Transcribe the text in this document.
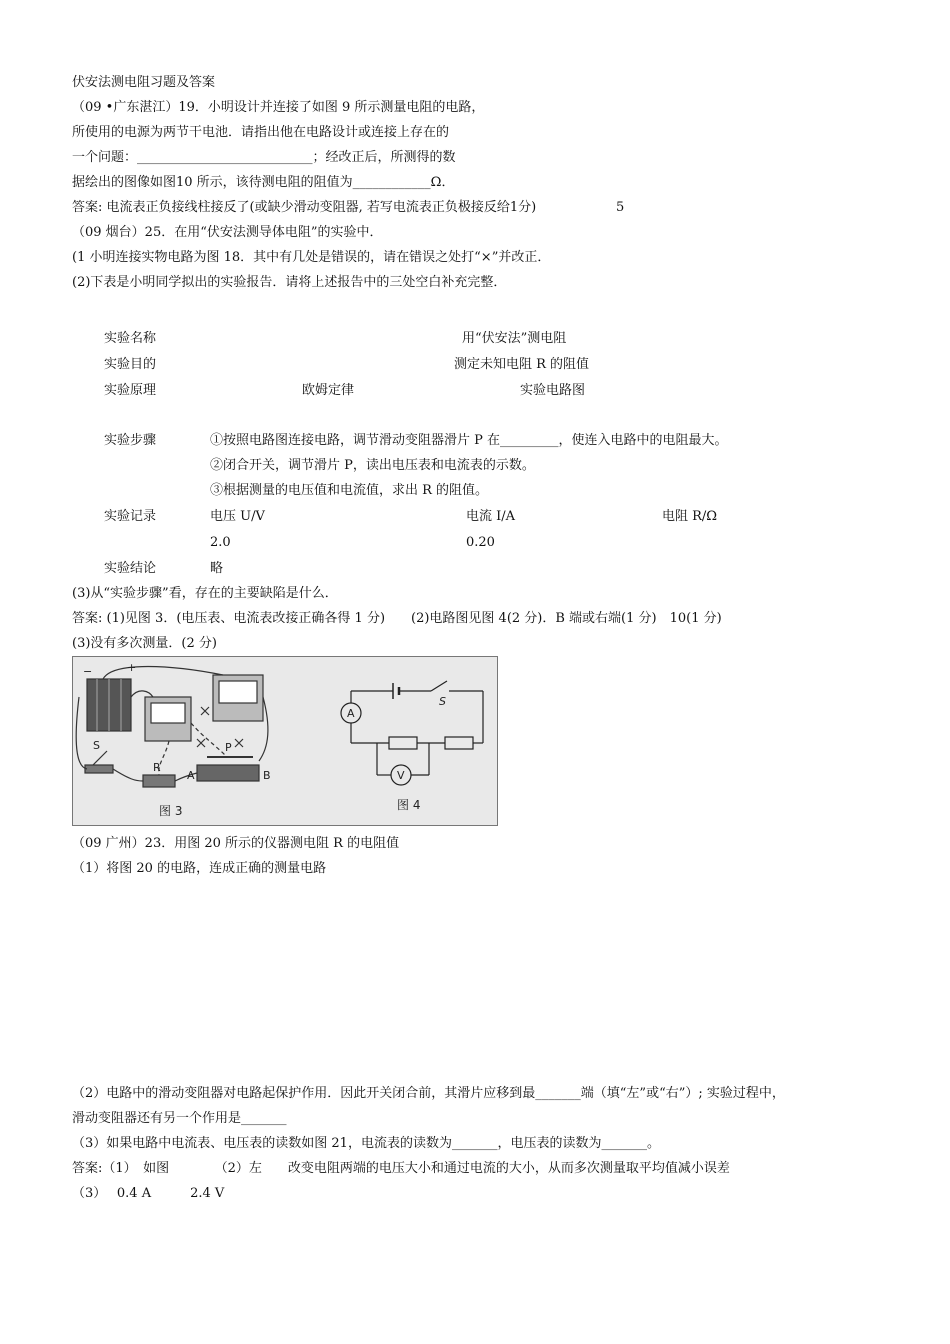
伏安法测电阻习题及答案
（09 •广东湛江）19．小明设计并连接了如图 9 所示测量电阻的电路，
所使用的电源为两节干电池．请指出他在电路设计或连接上存在的
一个问题：___________________________；经改正后，所测得的数
据绘出的图像如图10 所示，该待测电阻的阻值为____________Ω．
答案: 电流表正负接线柱接反了(或缺少滑动变阻器, 若写电流表正负极接反给1分)	5
（09 烟台）25．在用“伏安法测导体电阻”的实验中．
(1 小明连接实物电路为图 18．其中有几处是错误的，请在错误之处打“×”并改正．
(2)下表是小明同学拟出的实验报告．请将上述报告中的三处空白补充完整．
实验名称	用“伏安法”测电阻
实验目的	测定未知电阻 R 的阻值
实验原理	欧姆定律	实验电路图
实验步骤	①按照电路图连接电路，调节滑动变阻器滑片 P 在_________，使连入电路中的电阻最大。
②闭合开关，调节滑片 P，读出电压表和电流表的示数。
③根据测量的电压值和电流值，求出 R 的阻值。
实验记录	电压 U/V	电流 I/A	电阻 R/Ω
2.0	0.20
实验结论	略
(3)从“实验步骤”看，存在的主要缺陷是什么．
答案: (1)见图 3．(电压表、电流表改接正确各得 1 分)　　(2)电路图见图 4(2 分)．B 端或右端(1 分)　10(1 分)
(3)没有多次测量．(2 分)
−	+
S
R
P
A	B
图 3
A
V
S
图 4
（09 广州）23．用图 20 所示的仪器测电阻 R 的电阻值
（1）将图 20 的电路，连成正确的测量电路
（2）电路中的滑动变阻器对电路起保护作用．因此开关闭合前，其滑片应移到最_______端（填“左”或“右”）; 实验过程中，
滑动变阻器还有另一个作用是_______
（3）如果电路中电流表、电压表的读数如图 21，电流表的读数为_______，电压表的读数为_______。
答案:（1）　如图　　　　（2）左　　改变电阻两端的电压大小和通过电流的大小，从而多次测量取平均值减小误差
（3）　 0.4 A　　　2.4 V
